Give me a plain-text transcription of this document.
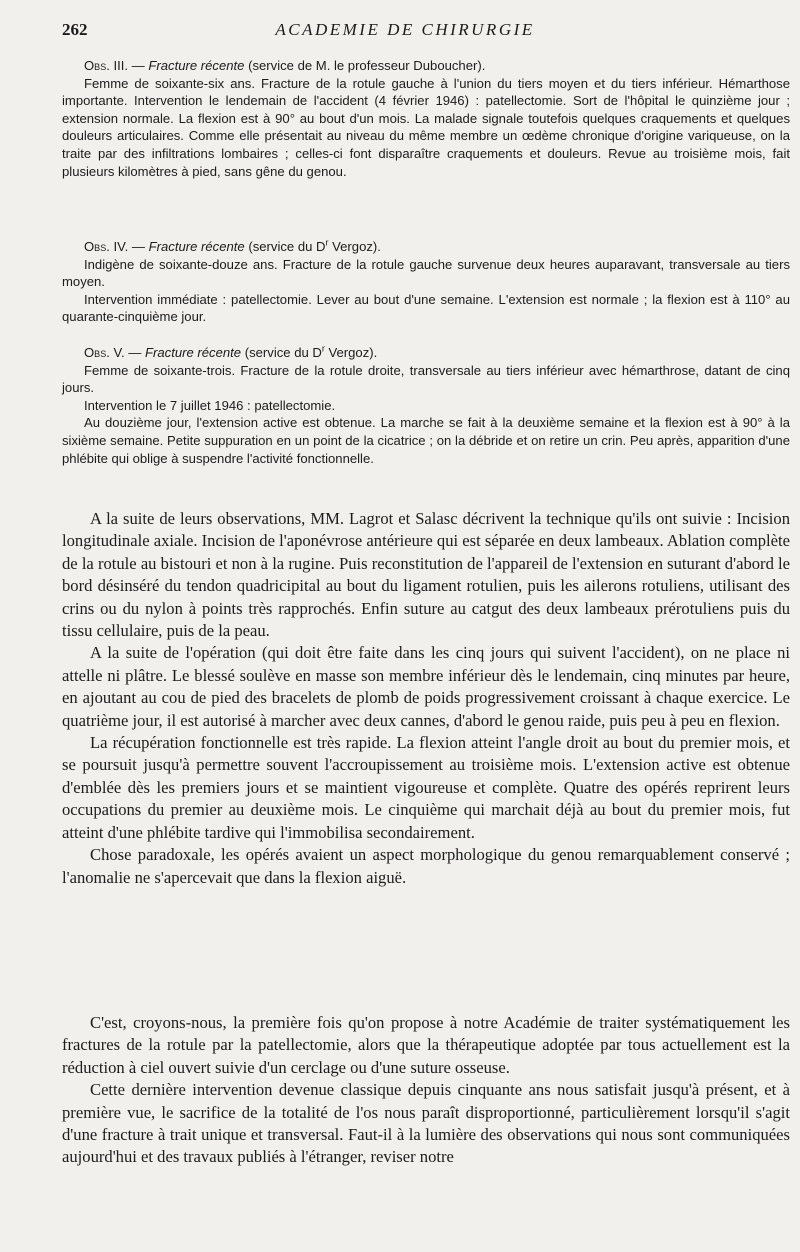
262	ACADEMIE DE CHIRURGIE

Obs. III. — Fracture récente (service de M. le professeur Duboucher).

Femme de soixante-six ans. Fracture de la rotule gauche à l'union du tiers moyen et du tiers inférieur. Hémarthose importante. Intervention le lendemain de l'accident (4 février 1946) : patellectomie. Sort de l'hôpital le quinzième jour ; extension normale. La flexion est à 90° au bout d'un mois. La malade signale toutefois quelques craquements et quelques douleurs articulaires. Comme elle présentait au niveau du même membre un œdème chronique d'origine variqueuse, on la traite par des infiltrations lombaires ; celles-ci font disparaître craquements et douleurs. Revue au troisième mois, fait plusieurs kilomètres à pied, sans gêne du genou.

Obs. IV. — Fracture récente (service du $D^r$ Vergoz).

Indigène de soixante-douze ans. Fracture de la rotule gauche survenue deux heures auparavant, transversale au tiers moyen.

Intervention immédiate : patellectomie. Lever au bout d'une semaine. L'extension est normale ; la flexion est à 110° au quarante-cinquième jour.

Obs. V. — Fracture récente (service du $D^r$ Vergoz).

Femme de soixante-trois. Fracture de la rotule droite, transversale au tiers inférieur avec hémarthrose, datant de cinq jours.

Intervention le 7 juillet 1946 : patellectomie.

Au douzième jour, l'extension active est obtenue. La marche se fait à la deuxième semaine et la flexion est à 90° à la sixième semaine. Petite suppuration en un point de la cicatrice ; on la débride et on retire un crin. Peu après, apparition d'une phlébite qui oblige à suspendre l'activité fonctionnelle.

A la suite de leurs observations, MM. Lagrot et Salasc décrivent la technique qu'ils ont suivie : Incision longitudinale axiale. Incision de l'aponévrose antérieure qui est séparée en deux lambeaux. Ablation complète de la rotule au bistouri et non à la rugine. Puis reconstitution de l'appareil de l'extension en suturant d'abord le bord désinséré du tendon quadricipital au bout du ligament rotulien, puis les ailerons rotuliens, utilisant des crins ou du nylon à points très rapprochés. Enfin suture au catgut des deux lambeaux prérotuliens puis du tissu cellulaire, puis de la peau.

A la suite de l'opération (qui doit être faite dans les cinq jours qui suivent l'accident), on ne place ni attelle ni plâtre. Le blessé soulève en masse son membre inférieur dès le lendemain, cinq minutes par heure, en ajoutant au cou de pied des bracelets de plomb de poids progressivement croissant à chaque exercice. Le quatrième jour, il est autorisé à marcher avec deux cannes, d'abord le genou raide, puis peu à peu en flexion.

La récupération fonctionnelle est très rapide. La flexion atteint l'angle droit au bout du premier mois, et se poursuit jusqu'à permettre souvent l'accroupissement au troisième mois. L'extension active est obtenue d'emblée dès les premiers jours et se maintient vigoureuse et complète. Quatre des opérés reprirent leurs occupations du premier au deuxième mois. Le cinquième qui marchait déjà au bout du premier mois, fut atteint d'une phlébite tardive qui l'immobilisa secondairement.

Chose paradoxale, les opérés avaient un aspect morphologique du genou remarquablement conservé ; l'anomalie ne s'apercevait que dans la flexion aiguë.

C'est, croyons-nous, la première fois qu'on propose à notre Académie de traiter systématiquement les fractures de la rotule par la patellectomie, alors que la thérapeutique adoptée par tous actuellement est la réduction à ciel ouvert suivie d'un cerclage ou d'une suture osseuse.

Cette dernière intervention devenue classique depuis cinquante ans nous satisfait jusqu'à présent, et à première vue, le sacrifice de la totalité de l'os nous paraît disproportionné, particulièrement lorsqu'il s'agit d'une fracture à trait unique et transversal. Faut-il à la lumière des observations qui nous sont communiquées aujourd'hui et des travaux publiés à l'étranger, reviser notre
